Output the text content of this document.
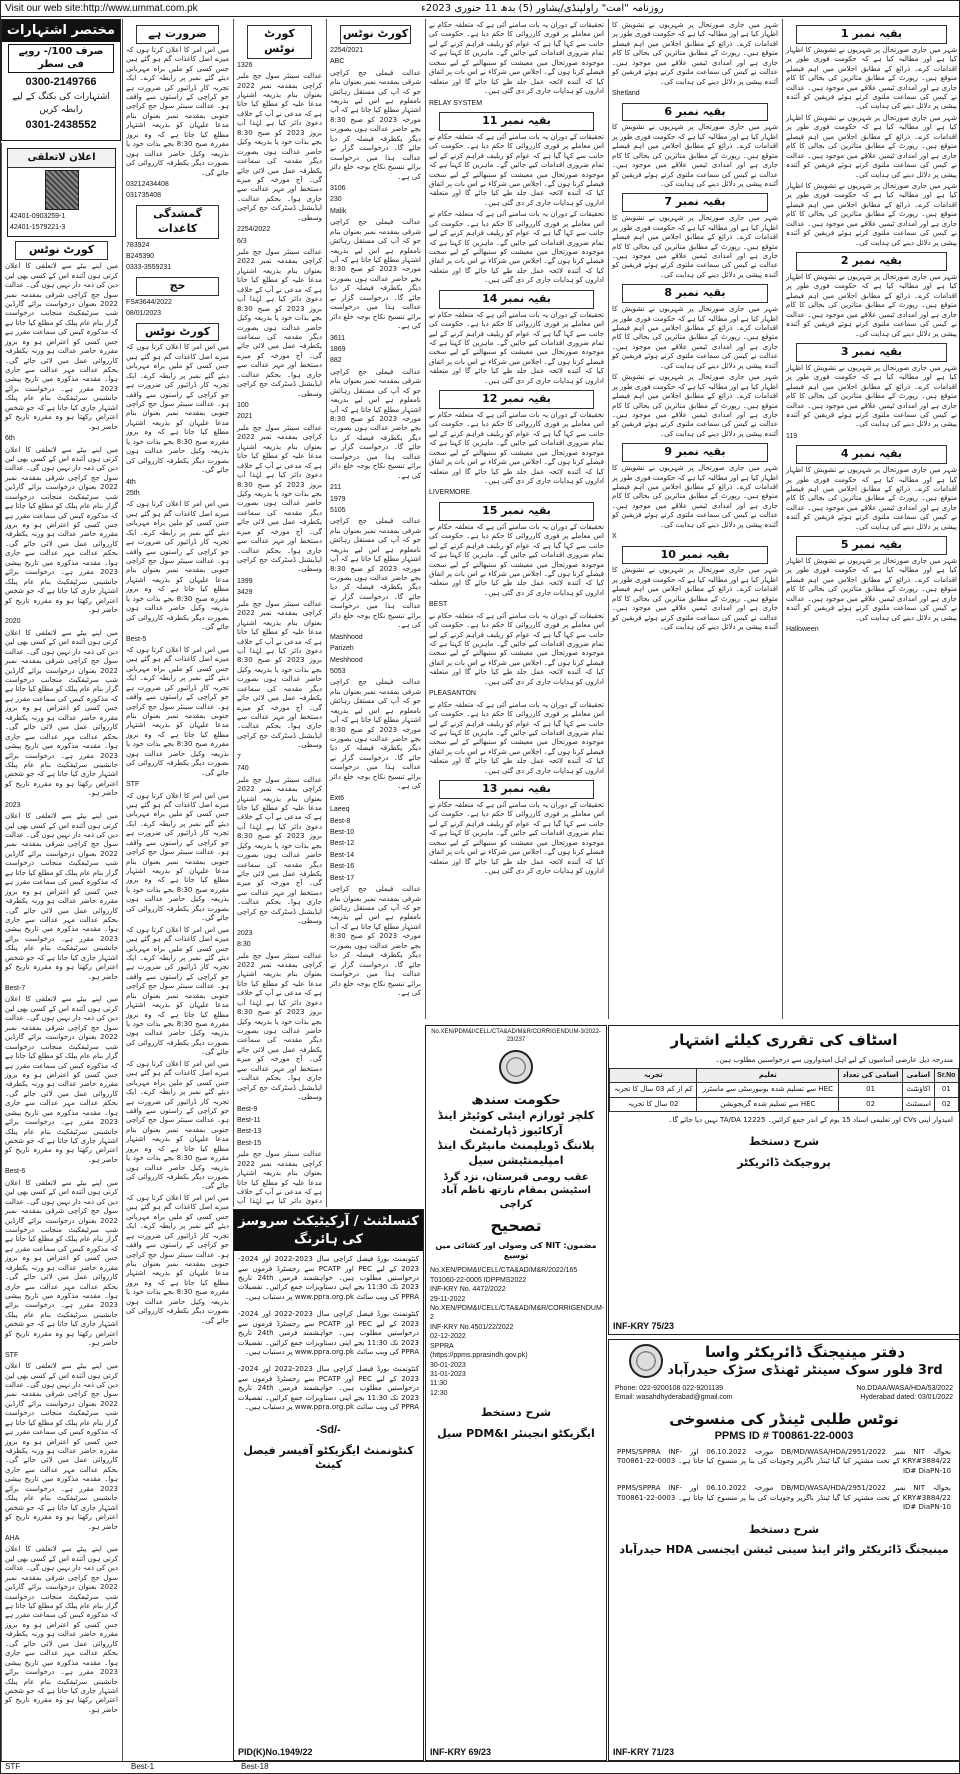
Visit our web site:http://www.ummat.com.pk	روزنامہ "امت" راولپنڈی/پشاور (5) بدھ 11 جنوری 2023ء
مختصر اشتہارات
صرف 100/- روپے فی سطر
0300-2149766
اشتہارات کی بکنگ کے لیے رابطہ کریں
0301-2438552
اعلان لاتعلقی

42401-0903259-1

42401-1579221-3

کورٹ نوٹس

میں اپنے بیٹے سے لاتعلقی کا اعلان کرتی ہوں آئندہ اس کے کسی بھی لین دین کی ذمہ دار نہیں ہوں گی۔ عدالت سول جج کراچی شرقی بمقدمہ نمبر 2022 بعنوان درخواست برائے گارڈین شپ سرٹیفکیٹ منجانب درخواست گزار بنام عام پبلک کو مطلع کیا جاتا ہے کہ مذکورہ کیس کی سماعت مقرر ہے جس کسی کو اعتراض ہو وہ بروز مقررہ حاضر عدالت ہو ورنہ یکطرفہ کارروائی عمل میں لائی جائے گی۔ بحکم عدالت مہر عدالت سے جاری ہوا۔ مقدمہ مذکورہ میں تاریخ پیشی 2023 مقرر ہے۔ درخواست برائے جانشینی سرٹیفکیٹ بنام عام پبلک اشتہار جاری کیا جاتا ہے کہ جو شخص اعتراض رکھتا ہو وہ مقررہ تاریخ کو حاضر ہو۔

6th

میں اپنے بیٹے سے لاتعلقی کا اعلان کرتی ہوں آئندہ اس کے کسی بھی لین دین کی ذمہ دار نہیں ہوں گی۔ عدالت سول جج کراچی شرقی بمقدمہ نمبر 2022 بعنوان درخواست برائے گارڈین شپ سرٹیفکیٹ منجانب درخواست گزار بنام عام پبلک کو مطلع کیا جاتا ہے کہ مذکورہ کیس کی سماعت مقرر ہے جس کسی کو اعتراض ہو وہ بروز مقررہ حاضر عدالت ہو ورنہ یکطرفہ کارروائی عمل میں لائی جائے گی۔ بحکم عدالت مہر عدالت سے جاری ہوا۔ مقدمہ مذکورہ میں تاریخ پیشی 2023 مقرر ہے۔ درخواست برائے جانشینی سرٹیفکیٹ بنام عام پبلک اشتہار جاری کیا جاتا ہے کہ جو شخص اعتراض رکھتا ہو وہ مقررہ تاریخ کو حاضر ہو۔

2020

میں اپنے بیٹے سے لاتعلقی کا اعلان کرتی ہوں آئندہ اس کے کسی بھی لین دین کی ذمہ دار نہیں ہوں گی۔ عدالت سول جج کراچی شرقی بمقدمہ نمبر 2022 بعنوان درخواست برائے گارڈین شپ سرٹیفکیٹ منجانب درخواست گزار بنام عام پبلک کو مطلع کیا جاتا ہے کہ مذکورہ کیس کی سماعت مقرر ہے جس کسی کو اعتراض ہو وہ بروز مقررہ حاضر عدالت ہو ورنہ یکطرفہ کارروائی عمل میں لائی جائے گی۔ بحکم عدالت مہر عدالت سے جاری ہوا۔ مقدمہ مذکورہ میں تاریخ پیشی 2023 مقرر ہے۔ درخواست برائے جانشینی سرٹیفکیٹ بنام عام پبلک اشتہار جاری کیا جاتا ہے کہ جو شخص اعتراض رکھتا ہو وہ مقررہ تاریخ کو حاضر ہو۔

2023

میں اپنے بیٹے سے لاتعلقی کا اعلان کرتی ہوں آئندہ اس کے کسی بھی لین دین کی ذمہ دار نہیں ہوں گی۔ عدالت سول جج کراچی شرقی بمقدمہ نمبر 2022 بعنوان درخواست برائے گارڈین شپ سرٹیفکیٹ منجانب درخواست گزار بنام عام پبلک کو مطلع کیا جاتا ہے کہ مذکورہ کیس کی سماعت مقرر ہے جس کسی کو اعتراض ہو وہ بروز مقررہ حاضر عدالت ہو ورنہ یکطرفہ کارروائی عمل میں لائی جائے گی۔ بحکم عدالت مہر عدالت سے جاری ہوا۔ مقدمہ مذکورہ میں تاریخ پیشی 2023 مقرر ہے۔ درخواست برائے جانشینی سرٹیفکیٹ بنام عام پبلک اشتہار جاری کیا جاتا ہے کہ جو شخص اعتراض رکھتا ہو وہ مقررہ تاریخ کو حاضر ہو۔

Best-7

میں اپنے بیٹے سے لاتعلقی کا اعلان کرتی ہوں آئندہ اس کے کسی بھی لین دین کی ذمہ دار نہیں ہوں گی۔ عدالت سول جج کراچی شرقی بمقدمہ نمبر 2022 بعنوان درخواست برائے گارڈین شپ سرٹیفکیٹ منجانب درخواست گزار بنام عام پبلک کو مطلع کیا جاتا ہے کہ مذکورہ کیس کی سماعت مقرر ہے جس کسی کو اعتراض ہو وہ بروز مقررہ حاضر عدالت ہو ورنہ یکطرفہ کارروائی عمل میں لائی جائے گی۔ بحکم عدالت مہر عدالت سے جاری ہوا۔ مقدمہ مذکورہ میں تاریخ پیشی 2023 مقرر ہے۔ درخواست برائے جانشینی سرٹیفکیٹ بنام عام پبلک اشتہار جاری کیا جاتا ہے کہ جو شخص اعتراض رکھتا ہو وہ مقررہ تاریخ کو حاضر ہو۔

Best-6

میں اپنے بیٹے سے لاتعلقی کا اعلان کرتی ہوں آئندہ اس کے کسی بھی لین دین کی ذمہ دار نہیں ہوں گی۔ عدالت سول جج کراچی شرقی بمقدمہ نمبر 2022 بعنوان درخواست برائے گارڈین شپ سرٹیفکیٹ منجانب درخواست گزار بنام عام پبلک کو مطلع کیا جاتا ہے کہ مذکورہ کیس کی سماعت مقرر ہے جس کسی کو اعتراض ہو وہ بروز مقررہ حاضر عدالت ہو ورنہ یکطرفہ کارروائی عمل میں لائی جائے گی۔ بحکم عدالت مہر عدالت سے جاری ہوا۔ مقدمہ مذکورہ میں تاریخ پیشی 2023 مقرر ہے۔ درخواست برائے جانشینی سرٹیفکیٹ بنام عام پبلک اشتہار جاری کیا جاتا ہے کہ جو شخص اعتراض رکھتا ہو وہ مقررہ تاریخ کو حاضر ہو۔

STF

میں اپنے بیٹے سے لاتعلقی کا اعلان کرتی ہوں آئندہ اس کے کسی بھی لین دین کی ذمہ دار نہیں ہوں گی۔ عدالت سول جج کراچی شرقی بمقدمہ نمبر 2022 بعنوان درخواست برائے گارڈین شپ سرٹیفکیٹ منجانب درخواست گزار بنام عام پبلک کو مطلع کیا جاتا ہے کہ مذکورہ کیس کی سماعت مقرر ہے جس کسی کو اعتراض ہو وہ بروز مقررہ حاضر عدالت ہو ورنہ یکطرفہ کارروائی عمل میں لائی جائے گی۔ بحکم عدالت مہر عدالت سے جاری ہوا۔ مقدمہ مذکورہ میں تاریخ پیشی 2023 مقرر ہے۔ درخواست برائے جانشینی سرٹیفکیٹ بنام عام پبلک اشتہار جاری کیا جاتا ہے کہ جو شخص اعتراض رکھتا ہو وہ مقررہ تاریخ کو حاضر ہو۔

AHA

میں اپنے بیٹے سے لاتعلقی کا اعلان کرتی ہوں آئندہ اس کے کسی بھی لین دین کی ذمہ دار نہیں ہوں گی۔ عدالت سول جج کراچی شرقی بمقدمہ نمبر 2022 بعنوان درخواست برائے گارڈین شپ سرٹیفکیٹ منجانب درخواست گزار بنام عام پبلک کو مطلع کیا جاتا ہے کہ مذکورہ کیس کی سماعت مقرر ہے جس کسی کو اعتراض ہو وہ بروز مقررہ حاضر عدالت ہو ورنہ یکطرفہ کارروائی عمل میں لائی جائے گی۔ بحکم عدالت مہر عدالت سے جاری ہوا۔ مقدمہ مذکورہ میں تاریخ پیشی 2023 مقرر ہے۔ درخواست برائے جانشینی سرٹیفکیٹ بنام عام پبلک اشتہار جاری کیا جاتا ہے کہ جو شخص اعتراض رکھتا ہو وہ مقررہ تاریخ کو حاضر ہو۔

ضرورت ہے

میں اس امر کا اعلان کرتا ہوں کہ میرے اصل کاغذات گم ہو گئے ہیں جس کسی کو ملیں براہ مہربانی دیئے گئے نمبر پر رابطہ کرے۔ ایک تجربہ کار ڈرائیور کی ضرورت ہے جو کراچی کے راستوں سے واقف ہو۔ عدالت سینئر سول جج کراچی جنوبی بمقدمہ نمبر بعنوان بنام مدعا علیہان کو بذریعہ اشتہار مطلع کیا جاتا ہے کہ وہ بروز مقررہ صبح 8:30 بجے بذات خود یا بذریعہ وکیل حاضر عدالت ہوں بصورت دیگر یکطرفہ کارروائی کی جائے گی۔

03212434408

031735408

گمشدگی کاغذات

783924

B245390

0333-3559231

حج

FS#3644/2022

08/01/2023

کورٹ نوٹس

میں اس امر کا اعلان کرتا ہوں کہ میرے اصل کاغذات گم ہو گئے ہیں جس کسی کو ملیں براہ مہربانی دیئے گئے نمبر پر رابطہ کرے۔ ایک تجربہ کار ڈرائیور کی ضرورت ہے جو کراچی کے راستوں سے واقف ہو۔ عدالت سینئر سول جج کراچی جنوبی بمقدمہ نمبر بعنوان بنام مدعا علیہان کو بذریعہ اشتہار مطلع کیا جاتا ہے کہ وہ بروز مقررہ صبح 8:30 بجے بذات خود یا بذریعہ وکیل حاضر عدالت ہوں بصورت دیگر یکطرفہ کارروائی کی جائے گی۔

4th

25th

میں اس امر کا اعلان کرتا ہوں کہ میرے اصل کاغذات گم ہو گئے ہیں جس کسی کو ملیں براہ مہربانی دیئے گئے نمبر پر رابطہ کرے۔ ایک تجربہ کار ڈرائیور کی ضرورت ہے جو کراچی کے راستوں سے واقف ہو۔ عدالت سینئر سول جج کراچی جنوبی بمقدمہ نمبر بعنوان بنام مدعا علیہان کو بذریعہ اشتہار مطلع کیا جاتا ہے کہ وہ بروز مقررہ صبح 8:30 بجے بذات خود یا بذریعہ وکیل حاضر عدالت ہوں بصورت دیگر یکطرفہ کارروائی کی جائے گی۔

Best-5

میں اس امر کا اعلان کرتا ہوں کہ میرے اصل کاغذات گم ہو گئے ہیں جس کسی کو ملیں براہ مہربانی دیئے گئے نمبر پر رابطہ کرے۔ ایک تجربہ کار ڈرائیور کی ضرورت ہے جو کراچی کے راستوں سے واقف ہو۔ عدالت سینئر سول جج کراچی جنوبی بمقدمہ نمبر بعنوان بنام مدعا علیہان کو بذریعہ اشتہار مطلع کیا جاتا ہے کہ وہ بروز مقررہ صبح 8:30 بجے بذات خود یا بذریعہ وکیل حاضر عدالت ہوں بصورت دیگر یکطرفہ کارروائی کی جائے گی۔

STF

میں اس امر کا اعلان کرتا ہوں کہ میرے اصل کاغذات گم ہو گئے ہیں جس کسی کو ملیں براہ مہربانی دیئے گئے نمبر پر رابطہ کرے۔ ایک تجربہ کار ڈرائیور کی ضرورت ہے جو کراچی کے راستوں سے واقف ہو۔ عدالت سینئر سول جج کراچی جنوبی بمقدمہ نمبر بعنوان بنام مدعا علیہان کو بذریعہ اشتہار مطلع کیا جاتا ہے کہ وہ بروز مقررہ صبح 8:30 بجے بذات خود یا بذریعہ وکیل حاضر عدالت ہوں بصورت دیگر یکطرفہ کارروائی کی جائے گی۔

میں اس امر کا اعلان کرتا ہوں کہ میرے اصل کاغذات گم ہو گئے ہیں جس کسی کو ملیں براہ مہربانی دیئے گئے نمبر پر رابطہ کرے۔ ایک تجربہ کار ڈرائیور کی ضرورت ہے جو کراچی کے راستوں سے واقف ہو۔ عدالت سینئر سول جج کراچی جنوبی بمقدمہ نمبر بعنوان بنام مدعا علیہان کو بذریعہ اشتہار مطلع کیا جاتا ہے کہ وہ بروز مقررہ صبح 8:30 بجے بذات خود یا بذریعہ وکیل حاضر عدالت ہوں بصورت دیگر یکطرفہ کارروائی کی جائے گی۔

میں اس امر کا اعلان کرتا ہوں کہ میرے اصل کاغذات گم ہو گئے ہیں جس کسی کو ملیں براہ مہربانی دیئے گئے نمبر پر رابطہ کرے۔ ایک تجربہ کار ڈرائیور کی ضرورت ہے جو کراچی کے راستوں سے واقف ہو۔ عدالت سینئر سول جج کراچی جنوبی بمقدمہ نمبر بعنوان بنام مدعا علیہان کو بذریعہ اشتہار مطلع کیا جاتا ہے کہ وہ بروز مقررہ صبح 8:30 بجے بذات خود یا بذریعہ وکیل حاضر عدالت ہوں بصورت دیگر یکطرفہ کارروائی کی جائے گی۔

میں اس امر کا اعلان کرتا ہوں کہ میرے اصل کاغذات گم ہو گئے ہیں جس کسی کو ملیں براہ مہربانی دیئے گئے نمبر پر رابطہ کرے۔ ایک تجربہ کار ڈرائیور کی ضرورت ہے جو کراچی کے راستوں سے واقف ہو۔ عدالت سینئر سول جج کراچی جنوبی بمقدمہ نمبر بعنوان بنام مدعا علیہان کو بذریعہ اشتہار مطلع کیا جاتا ہے کہ وہ بروز مقررہ صبح 8:30 بجے بذات خود یا بذریعہ وکیل حاضر عدالت ہوں بصورت دیگر یکطرفہ کارروائی کی جائے گی۔

کورٹ نوٹس

1326

عدالت سینئر سول جج ملیر کراچی بمقدمہ نمبر 2022 بعنوان بنام بذریعہ اشتہار مدعا علیہ کو مطلع کیا جاتا ہے کہ مدعی نے آپ کے خلاف دعویٰ دائر کیا ہے لہٰذا آپ بروز 2023 کو صبح 8:30 بجے بذات خود یا بذریعہ وکیل حاضر عدالت ہوں بصورت دیگر مقدمہ کی سماعت یکطرفہ عمل میں لائی جائے گی۔ آج مورخہ کو میرے دستخط اور مہر عدالت سے جاری ہوا۔ بحکم عدالت۔ ایڈیشنل ڈسٹرکٹ جج کراچی وسطی۔

2254/2022

6/3

عدالت سینئر سول جج ملیر کراچی بمقدمہ نمبر 2022 بعنوان بنام بذریعہ اشتہار مدعا علیہ کو مطلع کیا جاتا ہے کہ مدعی نے آپ کے خلاف دعویٰ دائر کیا ہے لہٰذا آپ بروز 2023 کو صبح 8:30 بجے بذات خود یا بذریعہ وکیل حاضر عدالت ہوں بصورت دیگر مقدمہ کی سماعت یکطرفہ عمل میں لائی جائے گی۔ آج مورخہ کو میرے دستخط اور مہر عدالت سے جاری ہوا۔ بحکم عدالت۔ ایڈیشنل ڈسٹرکٹ جج کراچی وسطی۔

100

2021

عدالت سینئر سول جج ملیر کراچی بمقدمہ نمبر 2022 بعنوان بنام بذریعہ اشتہار مدعا علیہ کو مطلع کیا جاتا ہے کہ مدعی نے آپ کے خلاف دعویٰ دائر کیا ہے لہٰذا آپ بروز 2023 کو صبح 8:30 بجے بذات خود یا بذریعہ وکیل حاضر عدالت ہوں بصورت دیگر مقدمہ کی سماعت یکطرفہ عمل میں لائی جائے گی۔ آج مورخہ کو میرے دستخط اور مہر عدالت سے جاری ہوا۔ بحکم عدالت۔ ایڈیشنل ڈسٹرکٹ جج کراچی وسطی۔

1399

3429

عدالت سینئر سول جج ملیر کراچی بمقدمہ نمبر 2022 بعنوان بنام بذریعہ اشتہار مدعا علیہ کو مطلع کیا جاتا ہے کہ مدعی نے آپ کے خلاف دعویٰ دائر کیا ہے لہٰذا آپ بروز 2023 کو صبح 8:30 بجے بذات خود یا بذریعہ وکیل حاضر عدالت ہوں بصورت دیگر مقدمہ کی سماعت یکطرفہ عمل میں لائی جائے گی۔ آج مورخہ کو میرے دستخط اور مہر عدالت سے جاری ہوا۔ بحکم عدالت۔ ایڈیشنل ڈسٹرکٹ جج کراچی وسطی۔

7

740

عدالت سینئر سول جج ملیر کراچی بمقدمہ نمبر 2022 بعنوان بنام بذریعہ اشتہار مدعا علیہ کو مطلع کیا جاتا ہے کہ مدعی نے آپ کے خلاف دعویٰ دائر کیا ہے لہٰذا آپ بروز 2023 کو صبح 8:30 بجے بذات خود یا بذریعہ وکیل حاضر عدالت ہوں بصورت دیگر مقدمہ کی سماعت یکطرفہ عمل میں لائی جائے گی۔ آج مورخہ کو میرے دستخط اور مہر عدالت سے جاری ہوا۔ بحکم عدالت۔ ایڈیشنل ڈسٹرکٹ جج کراچی وسطی۔

2023

8:30

عدالت سینئر سول جج ملیر کراچی بمقدمہ نمبر 2022 بعنوان بنام بذریعہ اشتہار مدعا علیہ کو مطلع کیا جاتا ہے کہ مدعی نے آپ کے خلاف دعویٰ دائر کیا ہے لہٰذا آپ بروز 2023 کو صبح 8:30 بجے بذات خود یا بذریعہ وکیل حاضر عدالت ہوں بصورت دیگر مقدمہ کی سماعت یکطرفہ عمل میں لائی جائے گی۔ آج مورخہ کو میرے دستخط اور مہر عدالت سے جاری ہوا۔ بحکم عدالت۔ ایڈیشنل ڈسٹرکٹ جج کراچی وسطی۔

Best-9

Best-11

Best-13

Best-15

عدالت سینئر سول جج ملیر کراچی بمقدمہ نمبر 2022 بعنوان بنام بذریعہ اشتہار مدعا علیہ کو مطلع کیا جاتا ہے کہ مدعی نے آپ کے خلاف دعویٰ دائر کیا ہے لہٰذا آپ

کورٹ نوٹس

2254/2021

ABC

عدالت فیملی جج کراچی شرقی بمقدمہ نمبر بعنوان بنام جو کہ آپ کی مستقل رہائش نامعلوم ہے اس لیے بذریعہ اشتہار مطلع کیا جاتا ہے کہ آپ مورخہ 2023 کو صبح 8:30 بجے حاضر عدالت ہوں بصورت دیگر یکطرفہ فیصلہ کر دیا جائے گا۔ درخواست گزار نے عدالت ہذا میں درخواست برائے تنسیخ نکاح بوجہ خلع دائر کی ہے۔

3106

230

Malik

عدالت فیملی جج کراچی شرقی بمقدمہ نمبر بعنوان بنام جو کہ آپ کی مستقل رہائش نامعلوم ہے اس لیے بذریعہ اشتہار مطلع کیا جاتا ہے کہ آپ مورخہ 2023 کو صبح 8:30 بجے حاضر عدالت ہوں بصورت دیگر یکطرفہ فیصلہ کر دیا جائے گا۔ درخواست گزار نے عدالت ہذا میں درخواست برائے تنسیخ نکاح بوجہ خلع دائر کی ہے۔

3611

1869

882

عدالت فیملی جج کراچی شرقی بمقدمہ نمبر بعنوان بنام جو کہ آپ کی مستقل رہائش نامعلوم ہے اس لیے بذریعہ اشتہار مطلع کیا جاتا ہے کہ آپ مورخہ 2023 کو صبح 8:30 بجے حاضر عدالت ہوں بصورت دیگر یکطرفہ فیصلہ کر دیا جائے گا۔ درخواست گزار نے عدالت ہذا میں درخواست برائے تنسیخ نکاح بوجہ خلع دائر کی ہے۔

211

1979

5105

عدالت فیملی جج کراچی شرقی بمقدمہ نمبر بعنوان بنام جو کہ آپ کی مستقل رہائش نامعلوم ہے اس لیے بذریعہ اشتہار مطلع کیا جاتا ہے کہ آپ مورخہ 2023 کو صبح 8:30 بجے حاضر عدالت ہوں بصورت دیگر یکطرفہ فیصلہ کر دیا جائے گا۔ درخواست گزار نے عدالت ہذا میں درخواست برائے تنسیخ نکاح بوجہ خلع دائر کی ہے۔

Mashhood

Parizeh

Meshhood

5053

عدالت فیملی جج کراچی شرقی بمقدمہ نمبر بعنوان بنام جو کہ آپ کی مستقل رہائش نامعلوم ہے اس لیے بذریعہ اشتہار مطلع کیا جاتا ہے کہ آپ مورخہ 2023 کو صبح 8:30 بجے حاضر عدالت ہوں بصورت دیگر یکطرفہ فیصلہ کر دیا جائے گا۔ درخواست گزار نے عدالت ہذا میں درخواست برائے تنسیخ نکاح بوجہ خلع دائر کی ہے۔

Ext6

Laeeq

Best-8

Best-10

Best-12

Best-14

Best-16

Best-17

عدالت فیملی جج کراچی شرقی بمقدمہ نمبر بعنوان بنام جو کہ آپ کی مستقل رہائش نامعلوم ہے اس لیے بذریعہ اشتہار مطلع کیا جاتا ہے کہ آپ مورخہ 2023 کو صبح 8:30 بجے حاضر عدالت ہوں بصورت دیگر یکطرفہ فیصلہ کر دیا جائے گا۔ درخواست گزار نے عدالت ہذا میں درخواست برائے تنسیخ نکاح بوجہ خلع دائر کی ہے۔

تحقیقات کے دوران یہ بات سامنے آئی ہے کہ متعلقہ حکام نے اس معاملے پر فوری کارروائی کا حکم دیا ہے۔ حکومت کی جانب سے کہا گیا ہے کہ عوام کو ریلیف فراہم کرنے کے لیے تمام ضروری اقدامات کیے جائیں گے۔ ماہرین کا کہنا ہے کہ موجودہ صورتحال میں معیشت کو سنبھالنے کے لیے سخت فیصلے کرنا ہوں گے۔ اجلاس میں شرکاء نے اس بات پر اتفاق کیا کہ آئندہ لائحہ عمل جلد طے کیا جائے گا اور متعلقہ اداروں کو ہدایات جاری کر دی گئی ہیں۔

RELAY SYSTEM

بقیہ نمبر 11

تحقیقات کے دوران یہ بات سامنے آئی ہے کہ متعلقہ حکام نے اس معاملے پر فوری کارروائی کا حکم دیا ہے۔ حکومت کی جانب سے کہا گیا ہے کہ عوام کو ریلیف فراہم کرنے کے لیے تمام ضروری اقدامات کیے جائیں گے۔ ماہرین کا کہنا ہے کہ موجودہ صورتحال میں معیشت کو سنبھالنے کے لیے سخت فیصلے کرنا ہوں گے۔ اجلاس میں شرکاء نے اس بات پر اتفاق کیا کہ آئندہ لائحہ عمل جلد طے کیا جائے گا اور متعلقہ اداروں کو ہدایات جاری کر دی گئی ہیں۔

تحقیقات کے دوران یہ بات سامنے آئی ہے کہ متعلقہ حکام نے اس معاملے پر فوری کارروائی کا حکم دیا ہے۔ حکومت کی جانب سے کہا گیا ہے کہ عوام کو ریلیف فراہم کرنے کے لیے تمام ضروری اقدامات کیے جائیں گے۔ ماہرین کا کہنا ہے کہ موجودہ صورتحال میں معیشت کو سنبھالنے کے لیے سخت فیصلے کرنا ہوں گے۔ اجلاس میں شرکاء نے اس بات پر اتفاق کیا کہ آئندہ لائحہ عمل جلد طے کیا جائے گا اور متعلقہ اداروں کو ہدایات جاری کر دی گئی ہیں۔

بقیہ نمبر 14

تحقیقات کے دوران یہ بات سامنے آئی ہے کہ متعلقہ حکام نے اس معاملے پر فوری کارروائی کا حکم دیا ہے۔ حکومت کی جانب سے کہا گیا ہے کہ عوام کو ریلیف فراہم کرنے کے لیے تمام ضروری اقدامات کیے جائیں گے۔ ماہرین کا کہنا ہے کہ موجودہ صورتحال میں معیشت کو سنبھالنے کے لیے سخت فیصلے کرنا ہوں گے۔ اجلاس میں شرکاء نے اس بات پر اتفاق کیا کہ آئندہ لائحہ عمل جلد طے کیا جائے گا اور متعلقہ اداروں کو ہدایات جاری کر دی گئی ہیں۔

بقیہ نمبر 12

تحقیقات کے دوران یہ بات سامنے آئی ہے کہ متعلقہ حکام نے اس معاملے پر فوری کارروائی کا حکم دیا ہے۔ حکومت کی جانب سے کہا گیا ہے کہ عوام کو ریلیف فراہم کرنے کے لیے تمام ضروری اقدامات کیے جائیں گے۔ ماہرین کا کہنا ہے کہ موجودہ صورتحال میں معیشت کو سنبھالنے کے لیے سخت فیصلے کرنا ہوں گے۔ اجلاس میں شرکاء نے اس بات پر اتفاق کیا کہ آئندہ لائحہ عمل جلد طے کیا جائے گا اور متعلقہ اداروں کو ہدایات جاری کر دی گئی ہیں۔

LIVERMORE

بقیہ نمبر 15

تحقیقات کے دوران یہ بات سامنے آئی ہے کہ متعلقہ حکام نے اس معاملے پر فوری کارروائی کا حکم دیا ہے۔ حکومت کی جانب سے کہا گیا ہے کہ عوام کو ریلیف فراہم کرنے کے لیے تمام ضروری اقدامات کیے جائیں گے۔ ماہرین کا کہنا ہے کہ موجودہ صورتحال میں معیشت کو سنبھالنے کے لیے سخت فیصلے کرنا ہوں گے۔ اجلاس میں شرکاء نے اس بات پر اتفاق کیا کہ آئندہ لائحہ عمل جلد طے کیا جائے گا اور متعلقہ اداروں کو ہدایات جاری کر دی گئی ہیں۔

BEST

تحقیقات کے دوران یہ بات سامنے آئی ہے کہ متعلقہ حکام نے اس معاملے پر فوری کارروائی کا حکم دیا ہے۔ حکومت کی جانب سے کہا گیا ہے کہ عوام کو ریلیف فراہم کرنے کے لیے تمام ضروری اقدامات کیے جائیں گے۔ ماہرین کا کہنا ہے کہ موجودہ صورتحال میں معیشت کو سنبھالنے کے لیے سخت فیصلے کرنا ہوں گے۔ اجلاس میں شرکاء نے اس بات پر اتفاق کیا کہ آئندہ لائحہ عمل جلد طے کیا جائے گا اور متعلقہ اداروں کو ہدایات جاری کر دی گئی ہیں۔

PLEASANTON

تحقیقات کے دوران یہ بات سامنے آئی ہے کہ متعلقہ حکام نے اس معاملے پر فوری کارروائی کا حکم دیا ہے۔ حکومت کی جانب سے کہا گیا ہے کہ عوام کو ریلیف فراہم کرنے کے لیے تمام ضروری اقدامات کیے جائیں گے۔ ماہرین کا کہنا ہے کہ موجودہ صورتحال میں معیشت کو سنبھالنے کے لیے سخت فیصلے کرنا ہوں گے۔ اجلاس میں شرکاء نے اس بات پر اتفاق کیا کہ آئندہ لائحہ عمل جلد طے کیا جائے گا اور متعلقہ اداروں کو ہدایات جاری کر دی گئی ہیں۔

بقیہ نمبر 13

تحقیقات کے دوران یہ بات سامنے آئی ہے کہ متعلقہ حکام نے اس معاملے پر فوری کارروائی کا حکم دیا ہے۔ حکومت کی جانب سے کہا گیا ہے کہ عوام کو ریلیف فراہم کرنے کے لیے تمام ضروری اقدامات کیے جائیں گے۔ ماہرین کا کہنا ہے کہ موجودہ صورتحال میں معیشت کو سنبھالنے کے لیے سخت فیصلے کرنا ہوں گے۔ اجلاس میں شرکاء نے اس بات پر اتفاق کیا کہ آئندہ لائحہ عمل جلد طے کیا جائے گا اور متعلقہ اداروں کو ہدایات جاری کر دی گئی ہیں۔

شہر میں جاری صورتحال پر شہریوں نے تشویش کا اظہار کیا ہے اور مطالبہ کیا ہے کہ حکومت فوری طور پر اقدامات کرے۔ ذرائع کے مطابق اجلاس میں اہم فیصلے متوقع ہیں۔ رپورٹ کے مطابق متاثرین کی بحالی کا کام جاری ہے اور امدادی ٹیمیں علاقے میں موجود ہیں۔ عدالت نے کیس کی سماعت ملتوی کرتے ہوئے فریقین کو آئندہ پیشی پر دلائل دینے کی ہدایت کی۔

Shetland

بقیہ نمبر 6

شہر میں جاری صورتحال پر شہریوں نے تشویش کا اظہار کیا ہے اور مطالبہ کیا ہے کہ حکومت فوری طور پر اقدامات کرے۔ ذرائع کے مطابق اجلاس میں اہم فیصلے متوقع ہیں۔ رپورٹ کے مطابق متاثرین کی بحالی کا کام جاری ہے اور امدادی ٹیمیں علاقے میں موجود ہیں۔ عدالت نے کیس کی سماعت ملتوی کرتے ہوئے فریقین کو آئندہ پیشی پر دلائل دینے کی ہدایت کی۔

بقیہ نمبر 7

شہر میں جاری صورتحال پر شہریوں نے تشویش کا اظہار کیا ہے اور مطالبہ کیا ہے کہ حکومت فوری طور پر اقدامات کرے۔ ذرائع کے مطابق اجلاس میں اہم فیصلے متوقع ہیں۔ رپورٹ کے مطابق متاثرین کی بحالی کا کام جاری ہے اور امدادی ٹیمیں علاقے میں موجود ہیں۔ عدالت نے کیس کی سماعت ملتوی کرتے ہوئے فریقین کو آئندہ پیشی پر دلائل دینے کی ہدایت کی۔

بقیہ نمبر 8

شہر میں جاری صورتحال پر شہریوں نے تشویش کا اظہار کیا ہے اور مطالبہ کیا ہے کہ حکومت فوری طور پر اقدامات کرے۔ ذرائع کے مطابق اجلاس میں اہم فیصلے متوقع ہیں۔ رپورٹ کے مطابق متاثرین کی بحالی کا کام جاری ہے اور امدادی ٹیمیں علاقے میں موجود ہیں۔ عدالت نے کیس کی سماعت ملتوی کرتے ہوئے فریقین کو آئندہ پیشی پر دلائل دینے کی ہدایت کی۔

شہر میں جاری صورتحال پر شہریوں نے تشویش کا اظہار کیا ہے اور مطالبہ کیا ہے کہ حکومت فوری طور پر اقدامات کرے۔ ذرائع کے مطابق اجلاس میں اہم فیصلے متوقع ہیں۔ رپورٹ کے مطابق متاثرین کی بحالی کا کام جاری ہے اور امدادی ٹیمیں علاقے میں موجود ہیں۔ عدالت نے کیس کی سماعت ملتوی کرتے ہوئے فریقین کو آئندہ پیشی پر دلائل دینے کی ہدایت کی۔

بقیہ نمبر 9

شہر میں جاری صورتحال پر شہریوں نے تشویش کا اظہار کیا ہے اور مطالبہ کیا ہے کہ حکومت فوری طور پر اقدامات کرے۔ ذرائع کے مطابق اجلاس میں اہم فیصلے متوقع ہیں۔ رپورٹ کے مطابق متاثرین کی بحالی کا کام جاری ہے اور امدادی ٹیمیں علاقے میں موجود ہیں۔ عدالت نے کیس کی سماعت ملتوی کرتے ہوئے فریقین کو آئندہ پیشی پر دلائل دینے کی ہدایت کی۔

X

بقیہ نمبر 10

شہر میں جاری صورتحال پر شہریوں نے تشویش کا اظہار کیا ہے اور مطالبہ کیا ہے کہ حکومت فوری طور پر اقدامات کرے۔ ذرائع کے مطابق اجلاس میں اہم فیصلے متوقع ہیں۔ رپورٹ کے مطابق متاثرین کی بحالی کا کام جاری ہے اور امدادی ٹیمیں علاقے میں موجود ہیں۔ عدالت نے کیس کی سماعت ملتوی کرتے ہوئے فریقین کو آئندہ پیشی پر دلائل دینے کی ہدایت کی۔

بقیہ نمبر 1

شہر میں جاری صورتحال پر شہریوں نے تشویش کا اظہار کیا ہے اور مطالبہ کیا ہے کہ حکومت فوری طور پر اقدامات کرے۔ ذرائع کے مطابق اجلاس میں اہم فیصلے متوقع ہیں۔ رپورٹ کے مطابق متاثرین کی بحالی کا کام جاری ہے اور امدادی ٹیمیں علاقے میں موجود ہیں۔ عدالت نے کیس کی سماعت ملتوی کرتے ہوئے فریقین کو آئندہ پیشی پر دلائل دینے کی ہدایت کی۔

شہر میں جاری صورتحال پر شہریوں نے تشویش کا اظہار کیا ہے اور مطالبہ کیا ہے کہ حکومت فوری طور پر اقدامات کرے۔ ذرائع کے مطابق اجلاس میں اہم فیصلے متوقع ہیں۔ رپورٹ کے مطابق متاثرین کی بحالی کا کام جاری ہے اور امدادی ٹیمیں علاقے میں موجود ہیں۔ عدالت نے کیس کی سماعت ملتوی کرتے ہوئے فریقین کو آئندہ پیشی پر دلائل دینے کی ہدایت کی۔

شہر میں جاری صورتحال پر شہریوں نے تشویش کا اظہار کیا ہے اور مطالبہ کیا ہے کہ حکومت فوری طور پر اقدامات کرے۔ ذرائع کے مطابق اجلاس میں اہم فیصلے متوقع ہیں۔ رپورٹ کے مطابق متاثرین کی بحالی کا کام جاری ہے اور امدادی ٹیمیں علاقے میں موجود ہیں۔ عدالت نے کیس کی سماعت ملتوی کرتے ہوئے فریقین کو آئندہ پیشی پر دلائل دینے کی ہدایت کی۔

بقیہ نمبر 2

شہر میں جاری صورتحال پر شہریوں نے تشویش کا اظہار کیا ہے اور مطالبہ کیا ہے کہ حکومت فوری طور پر اقدامات کرے۔ ذرائع کے مطابق اجلاس میں اہم فیصلے متوقع ہیں۔ رپورٹ کے مطابق متاثرین کی بحالی کا کام جاری ہے اور امدادی ٹیمیں علاقے میں موجود ہیں۔ عدالت نے کیس کی سماعت ملتوی کرتے ہوئے فریقین کو آئندہ پیشی پر دلائل دینے کی ہدایت کی۔

بقیہ نمبر 3

شہر میں جاری صورتحال پر شہریوں نے تشویش کا اظہار کیا ہے اور مطالبہ کیا ہے کہ حکومت فوری طور پر اقدامات کرے۔ ذرائع کے مطابق اجلاس میں اہم فیصلے متوقع ہیں۔ رپورٹ کے مطابق متاثرین کی بحالی کا کام جاری ہے اور امدادی ٹیمیں علاقے میں موجود ہیں۔ عدالت نے کیس کی سماعت ملتوی کرتے ہوئے فریقین کو آئندہ پیشی پر دلائل دینے کی ہدایت کی۔

119

بقیہ نمبر 4

شہر میں جاری صورتحال پر شہریوں نے تشویش کا اظہار کیا ہے اور مطالبہ کیا ہے کہ حکومت فوری طور پر اقدامات کرے۔ ذرائع کے مطابق اجلاس میں اہم فیصلے متوقع ہیں۔ رپورٹ کے مطابق متاثرین کی بحالی کا کام جاری ہے اور امدادی ٹیمیں علاقے میں موجود ہیں۔ عدالت نے کیس کی سماعت ملتوی کرتے ہوئے فریقین کو آئندہ پیشی پر دلائل دینے کی ہدایت کی۔

بقیہ نمبر 5

شہر میں جاری صورتحال پر شہریوں نے تشویش کا اظہار کیا ہے اور مطالبہ کیا ہے کہ حکومت فوری طور پر اقدامات کرے۔ ذرائع کے مطابق اجلاس میں اہم فیصلے متوقع ہیں۔ رپورٹ کے مطابق متاثرین کی بحالی کا کام جاری ہے اور امدادی ٹیمیں علاقے میں موجود ہیں۔ عدالت نے کیس کی سماعت ملتوی کرتے ہوئے فریقین کو آئندہ پیشی پر دلائل دینے کی ہدایت کی۔

Halloween

کنسلٹنٹ / آرکیٹیکٹ سروسز کی ہائرنگ

کنٹونمنٹ بورڈ فیصل کراچی سال 2023-2022 اور 2024-2023 کے لیے PEC اور PCATP سے رجسٹرڈ فرموں سے درخواستیں مطلوب ہیں۔ خواہشمند فرمیں 24th تاریخ 2023 تک 11:30 بجے اپنی دستاویزات جمع کرائیں۔ تفصیلات PPRA کی ویب سائٹ www.ppra.org.pk پر دستیاب ہیں۔

کنٹونمنٹ بورڈ فیصل کراچی سال 2023-2022 اور 2024-2023 کے لیے PEC اور PCATP سے رجسٹرڈ فرموں سے درخواستیں مطلوب ہیں۔ خواہشمند فرمیں 24th تاریخ 2023 تک 11:30 بجے اپنی دستاویزات جمع کرائیں۔ تفصیلات PPRA کی ویب سائٹ www.ppra.org.pk پر دستیاب ہیں۔

کنٹونمنٹ بورڈ فیصل کراچی سال 2023-2022 اور 2024-2023 کے لیے PEC اور PCATP سے رجسٹرڈ فرموں سے درخواستیں مطلوب ہیں۔ خواہشمند فرمیں 24th تاریخ 2023 تک 11:30 بجے اپنی دستاویزات جمع کرائیں۔ تفصیلات PPRA کی ویب سائٹ www.ppra.org.pk پر دستیاب ہیں۔

-Sd/-
کنٹونمنٹ ایگزیکٹو آفیسر فیصل کینٹ
PID(K)No.1949/22

No.XEN/PDM&I/CELL/CTA&AD/M&R/CORRIGENDUM-3/2022-23/237

حکومت سندھ
کلچر ٹورازم اینٹی کوئیٹز اینڈ آرکائیوز ڈپارٹمنٹ
پلاننگ ڈویلپمنٹ مانیٹرنگ اینڈ امپلیمنٹیشن سیل
عقب رومی قبرستان، نزد گرڈ اسٹیشن بمقام نارتھ ناظم آباد کراچی
تصحیح
مضمون: NIT کی وصولی اور کشائی میں توسیع

No.XEN/PDM&I/CELL/CTA&AD/M&R/2022/165

T01060-22-0005 IDPPMS2022

INF-KRY No. 4472/2022

29-11-2022

No.XEN/PDM&I/CELL/CTA&AD/M&R/CORRIGENDUM-2

INF-KRY No.4501/22/2022

02-12-2022

SPPRA

(https://ppms.pprasindh.gov.pk)

30-01-2023

31-01-2023

11:30

12:30

شرح دستخط
ایگزیکٹو انجینئر PDM&I سیل
INF-KRY 69/23
اسٹاف کی تقرری کیلئے اشتہار

مندرجہ ذیل عارضی آسامیوں کے لیے اہل امیدواروں سے درخواستیں مطلوب ہیں۔

Sr.No	اسامی	اسامی کی تعداد	تعلیم	تجربہ
01	اکاؤنٹنٹ	01	HEC سے تسلیم شدہ یونیورسٹی سے ماسٹرز	کم از کم 03 سال کا تجربہ
02	اسسٹنٹ	02	HEC سے تسلیم شدہ گریجویشن	02 سال کا تجربہ

امیدوار اپنی CVs اور تعلیمی اسناد 15 یوم کے اندر جمع کرائیں۔ 12225 TA/DA نہیں دیا جائے گا۔

شرح دستخط
پروجیکٹ ڈائریکٹر
INF-KRY 75/23
دفتر مینیجنگ ڈائریکٹر واسا
3rd فلور سوک سینٹر ٹھنڈی سڑک حیدرآباد

Phone: 022-9200108 022-9201139

Email: wasahdhyderabad@gmail.com

No.DDAA/WASA/HDA/53/2022

Hyderabad dated: 03/01/2022

نوٹس طلبی ٹینڈر کی منسوخی
PPMS ID # T00861-22-0003

بحوالہ NIT نمبر DB/MD/WASA/HDA/2951/2022 مورخہ 06.10.2022 اور PPMS/SPPRA INF-KRY#3884/22 کے تحت مشتہر کیا گیا ٹینڈر ناگزیر وجوہات کی بنا پر منسوخ کیا جاتا ہے۔ T00861-22-0003 ID# DiaPN-10

بحوالہ NIT نمبر DB/MD/WASA/HDA/2951/2022 مورخہ 06.10.2022 اور PPMS/SPPRA INF-KRY#3884/22 کے تحت مشتہر کیا گیا ٹینڈر ناگزیر وجوہات کی بنا پر منسوخ کیا جاتا ہے۔ T00861-22-0003 ID# DiaPN-10

شرح دستخط
مینیجنگ ڈائریکٹر واٹر اینڈ سینی ٹیشن ایجنسی HDA حیدرآباد
INF-KRY 71/23
STF	Best-1	Best-18
